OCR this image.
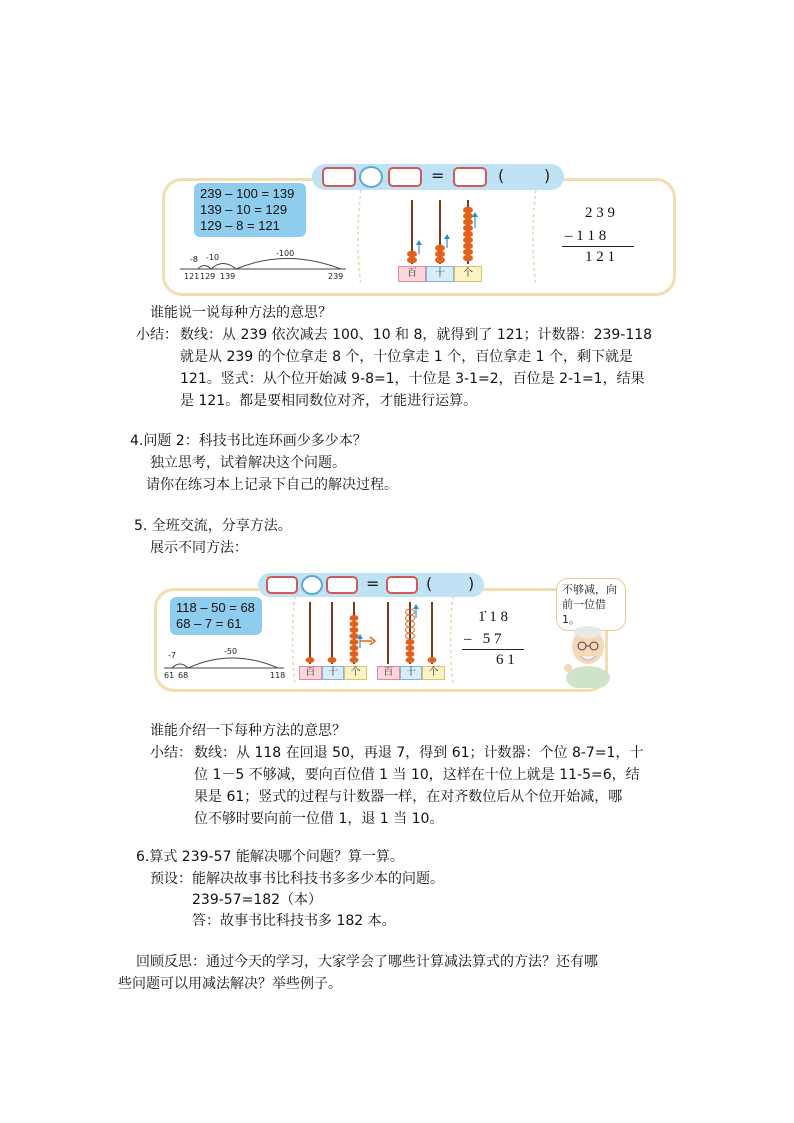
=	( )
239 – 100 = 139
139 – 10 = 129
129 – 8 = 121
-8 -10	-100
121 129 139	239	百	十	个
2 3 9
– 1 1 8
1 2 1
谁能说一说每种方法的意思？
小结： 数线：从 239 依次减去 100、10 和 8，就得到了 121；计数器：239-118
就是从 239 的个位拿走 8 个，十位拿走 1 个，百位拿走 1 个，剩下就是
121。竖式：从个位开始减 9-8=1，十位是 3-1=2，百位是 2-1=1，结果
是 121。都是要相同数位对齐，才能进行运算。
4.问题 2：科技书比连环画少多少本？
独立思考，试着解决这个问题。
请你在练习本上记录下自己的解决过程。
5. 全班交流，分享方法。
展示不同方法：
=	( )
118 – 50 = 68
68 – 7 = 61
-7	-50
61 68	118	百	十	个	百	十	个
1̇ 1 8
–   5 7
6 1
不够减，向
前一位借 1。
谁能介绍一下每种方法的意思？
小结： 数线：从 118 在回退 50，再退 7，得到 61；计数器：个位 8-7=1，十
位 1－5 不够减，要向百位借 1 当 10，这样在十位上就是 11-5=6，结
果是 61；竖式的过程与计数器一样，在对齐数位后从个位开始减，哪
位不够时要向前一位借 1，退 1 当 10。
6.算式 239-57 能解决哪个问题？算一算。
预设：能解决故事书比科技书多多少本的问题。
239-57=182（本）
答：故事书比科技书多 182 本。
回顾反思：通过今天的学习，大家学会了哪些计算减法算式的方法？还有哪
些问题可以用减法解决？举些例子。
